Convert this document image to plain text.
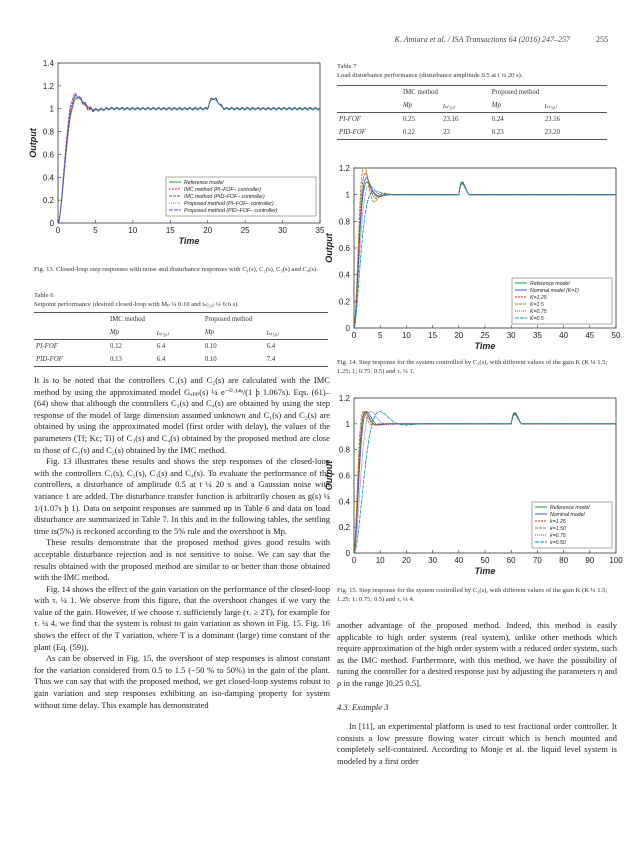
K. Amiara et al. / ISA Transactions 64 (2016) 247–257	255
0	5	10	15	20	25	30	35
0
0.2
0.4
0.6
0.8
1
1.2
1.4
Time
Output
Reference model
IMC method (PI–FOF– controller)
IMC method (PID–FOF– controller)
Proposed method (PI–FOF– controller)
Proposed method (PID–FOF– controller)
Fig. 13. Closed-loop step responses with noise and disturbance responses with C₁(s), C₂(s), C₃(s) and C₄(s).
Table 6
Setpoint performance (desired closed-loop with Mₚ ¼ 0.10 and tₛ₍₅₀₎ ¼ 6:6 s).
	IMC method		Proposed method	
	Mp	tₛ₍₅₀₎	Mp	tₛ₍₅₀₎
PI-FOF	0.12	6.4	0.10	6.4
PID-FOF	0.13	6.4	0.10	7.4

It is to be noted that the controllers C₁(s) and C₂(s) are calculated with the IMC method by using the approximated model Gₐₚₚ(s) ¼ e⁻⁰·¹⁴ˢ/(1 þ 1.067s). Eqs. (61)–(64) show that although the controllers C₃(s) and C₄(s) are obtained by using the step response of the model of large dimension assumed unknown and C₁(s) and C₂(s) are obtained by using the approximated model (first order with delay), the values of the parameters (Tf; Kc; Ti) of C₃(s) and C₄(s) obtained by the proposed method are close to those of C₁(s) and C₂(s) obtained by the IMC method.

Fig. 13 illustrates these results and shows the step responses of the closed-loop with the controllers C₁(s), C₂(s), C₃(s) and C₄(s). To evaluate the performance of the controllers, a disturbance of amplitude 0.5 at t ¼ 20 s and a Gaussian noise with variance 1 are added. The disturbance transfer function is arbitrarily chosen as g(s) ¼ 1/(1.07s þ 1). Data on setpoint responses are summed up in Table 6 and data on load disturbance are summarized in Table 7. In this and in the following tables, the settling time ts(5%) is reckoned according to the 5% rule and the overshoot is Mp.

These results demonstrate that the proposed method gives good results with acceptable disturbance rejection and is not sensitive to noise. We can say that the results obtained with the proposed method are similar to or better than those obtained with the IMC method.

Fig. 14 shows the effect of the gain variation on the performance of the closed-loop with τᵣ ¼ 1. We observe from this figure, that the overshoot changes if we vary the value of the gain. However, if we choose τᵣ sufficiently large (τᵣ ≥ 2T), for example for τᵣ ¼ 4, we find that the system is robust to gain variation as shown in Fig. 15. Fig. 16 shows the effect of the T variation, where T is a dominant (large) time constant of the plant (Eq. (59)).

As can be observed in Fig. 15, the overshoot of step responses is almost constant for the variation considered from 0.5 to 1.5 (−50 % to 50%) in the gain of the plant. Thus we can say that with the proposed method, we get closed-loop systems robust to gain variation and step responses exhibiting an iso-damping property for system without time delay. This example has demonstrated

Table 7
Load disturbance performance (disturbance amplitude 0.5 at t ¼ 20 s).
	IMC method		Proposed method	
	Mp	tₛ₍₅₀₎	Mp	tₛ₍₅₀₎
PI-FOF	0.25	23.16	0.24	23.16
PID-FOF	0.22	23	0.23	23.20
0	5 10 15 20 25 30 35 40 45 50
0
0.2
0.4
0.6
0.8
1
1.2
Time
Output
Reference model
Nominal model (K=1)
K=1.25
K=1.5
K=0.75
K=0.5
Fig. 14. Step response for the system controlled by C₃(s), with different values of the gain K (K ¼ 1.5; 1.25; 1; 0.75; 0.5) and τᵣ ¼ 1.
0 10 20 30 40 50 60 70 80 90 100
0
0.2
0.4
0.6
0.8
1
1.2
Time
Output
Reference model
Nominal model
k=1.25
k=1.50
k=0.75
k=0.50
Fig. 15. Step response for the system controlled by C₃(s), with different values of the gain K (K ¼ 1.5; 1.25; 1; 0.75; 0.5) and τᵣ ¼ 4.

another advantage of the proposed method. Indeed, this method is easily applicable to high order systems (real system), unlike other methods which require approximation of the high order system with a reduced order system, such as the IMC method. Furthermore, with this method, we have the possibility of tuning the controller for a desired response just by adjusting the parameters η and ρ in the range ]0.25 0.5].

4.3. Example 3

In [11], an experimental platform is used to test fractional order controller. It consists a low pressure flowing water circuit which is bench mounted and completely self-contained. According to Monje et al. the liquid level system is modeled by a first order
